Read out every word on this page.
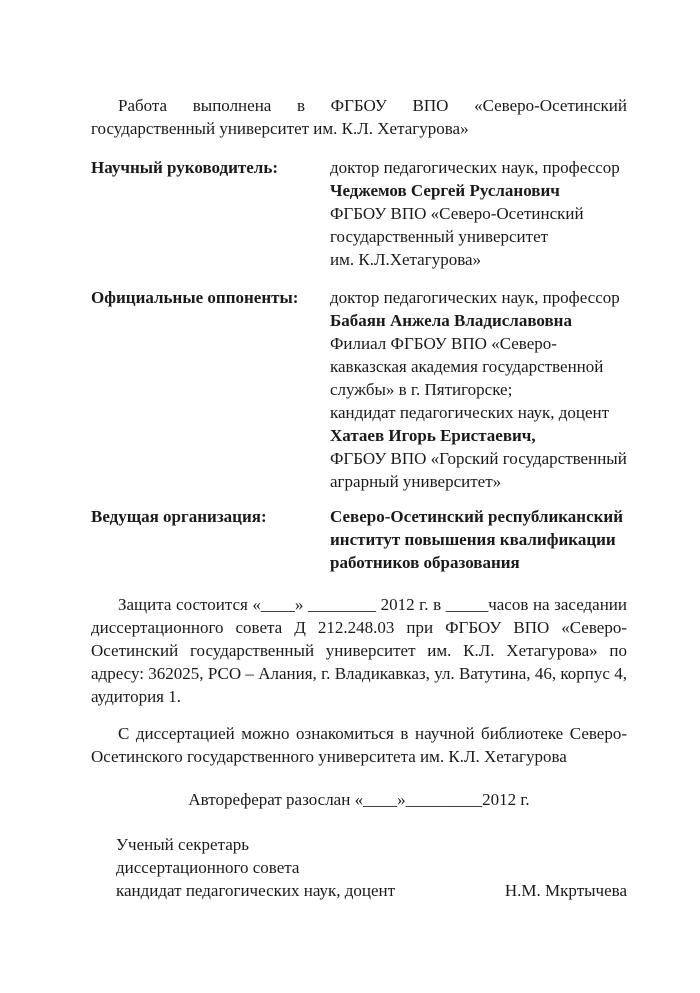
Работа выполнена в ФГБОУ ВПО «Северо-Осетинский государственный университет им. К.Л. Хетагурова»

Научный руководитель:	доктор педагогических наук, профессор
Чеджемов Сергей Русланович
ФГБОУ ВПО «Северо-Осетинский
государственный университет
им. К.Л.Хетагурова»
Официальные оппоненты: доктор педагогических наук, профессор
Бабаян Анжела Владиславовна
Филиал ФГБОУ ВПО «Северо-
кавказская академия государственной
службы» в г. Пятигорске;
кандидат педагогических наук, доцент
Хатаев Игорь Еристаевич,
ФГБОУ ВПО «Горский государственный
аграрный университет»
Ведущая организация:	Северо-Осетинский республиканский
институт повышения квалификации
работников образования

Защита состоится «____» ________ 2012 г. в _____часов на заседании диссертационного совета Д 212.248.03 при ФГБОУ ВПО «Северо-Осетинский государственный университет им. К.Л. Хетагурова» по адресу: 362025, РСО – Алания, г. Владикавказ, ул. Ватутина, 46, корпус 4, аудитория 1.

С диссертацией можно ознакомиться в научной библиотеке Северо-Осетинского государственного университета им. К.Л. Хетагурова

Автореферат разослан «____»_________2012 г.
Ученый секретарь
диссертационного совета
кандидат педагогических наук, доцент	Н.М. Мкртычева
